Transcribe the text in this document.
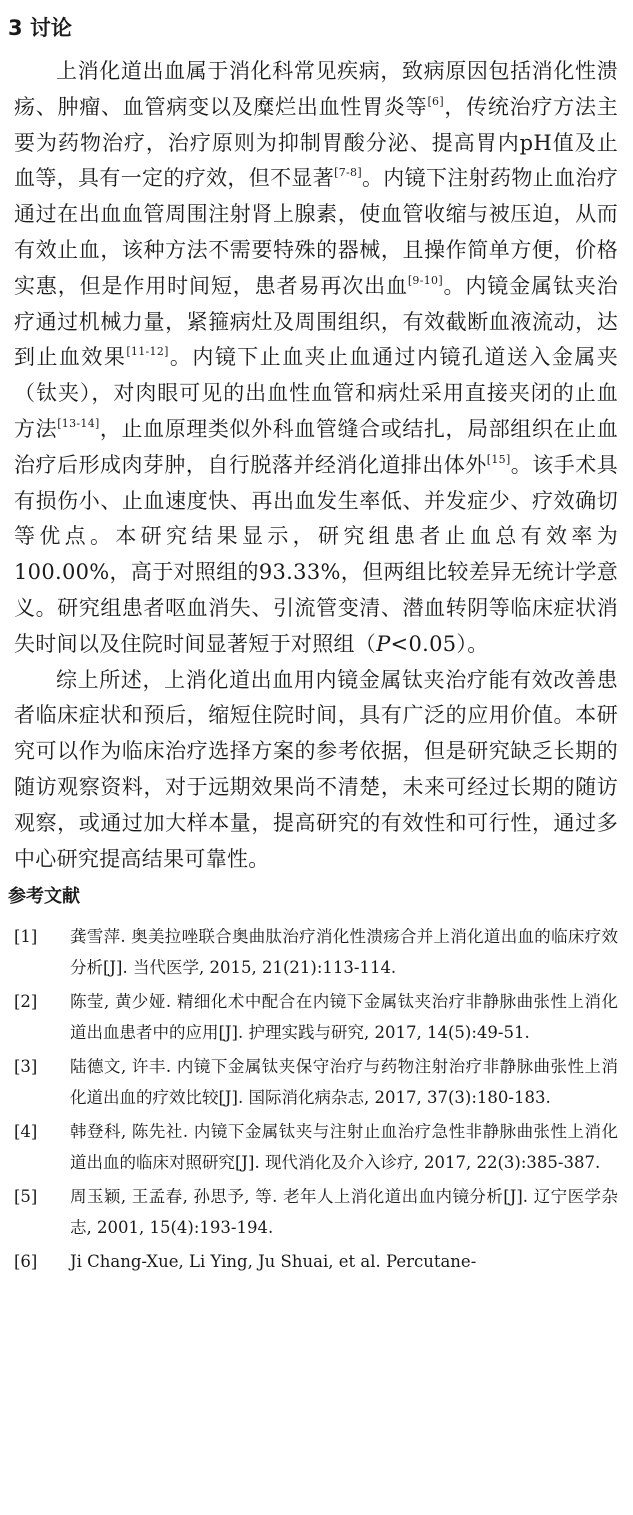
3 讨论

上消化道出血属于消化科常见疾病，致病原因包括消化性溃疡、肿瘤、血管病变以及糜烂出血性胃炎等[6]，传统治疗方法主要为药物治疗，治疗原则为抑制胃酸分泌、提高胃内pH值及止血等，具有一定的疗效，但不显著[7-8]。内镜下注射药物止血治疗通过在出血血管周围注射肾上腺素，使血管收缩与被压迫，从而有效止血，该种方法不需要特殊的器械，且操作简单方便，价格实惠，但是作用时间短，患者易再次出血[9-10]。内镜金属钛夹治疗通过机械力量，紧箍病灶及周围组织，有效截断血液流动，达到止血效果[11-12]。内镜下止血夹止血通过内镜孔道送入金属夹（钛夹），对肉眼可见的出血性血管和病灶采用直接夹闭的止血方法[13-14]，止血原理类似外科血管缝合或结扎，局部组织在止血治疗后形成肉芽肿，自行脱落并经消化道排出体外[15]。该手术具有损伤小、止血速度快、再出血发生率低、并发症少、疗效确切等优点。本研究结果显示，研究组患者止血总有效率为100.00%，高于对照组的93.33%，但两组比较差异无统计学意义。研究组患者呕血消失、引流管变清、潜血转阴等临床症状消失时间以及住院时间显著短于对照组（P<0.05）。

综上所述，上消化道出血用内镜金属钛夹治疗能有效改善患者临床症状和预后，缩短住院时间，具有广泛的应用价值。本研究可以作为临床治疗选择方案的参考依据，但是研究缺乏长期的随访观察资料，对于远期效果尚不清楚，未来可经过长期的随访观察，或通过加大样本量，提高研究的有效性和可行性，通过多中心研究提高结果可靠性。

参考文献
[1] 龚雪萍. 奥美拉唑联合奥曲肽治疗消化性溃疡合并上消化道出血的临床疗效分析[J]. 当代医学, 2015, 21(21):113-114.
[2] 陈莹, 黄少娅. 精细化术中配合在内镜下金属钛夹治疗非静脉曲张性上消化道出血患者中的应用[J]. 护理实践与研究, 2017, 14(5):49-51.
[3] 陆德文, 许丰. 内镜下金属钛夹保守治疗与药物注射治疗非静脉曲张性上消化道出血的疗效比较[J]. 国际消化病杂志, 2017, 37(3):180-183.
[4] 韩登科, 陈先社. 内镜下金属钛夹与注射止血治疗急性非静脉曲张性上消化道出血的临床对照研究[J]. 现代消化及介入诊疗, 2017, 22(3):385-387.
[5] 周玉颖, 王孟春, 孙思予, 等. 老年人上消化道出血内镜分析[J]. 辽宁医学杂志, 2001, 15(4):193-194.
[6] Ji Chang-Xue, Li Ying, Ju Shuai, et al. Percutane-
